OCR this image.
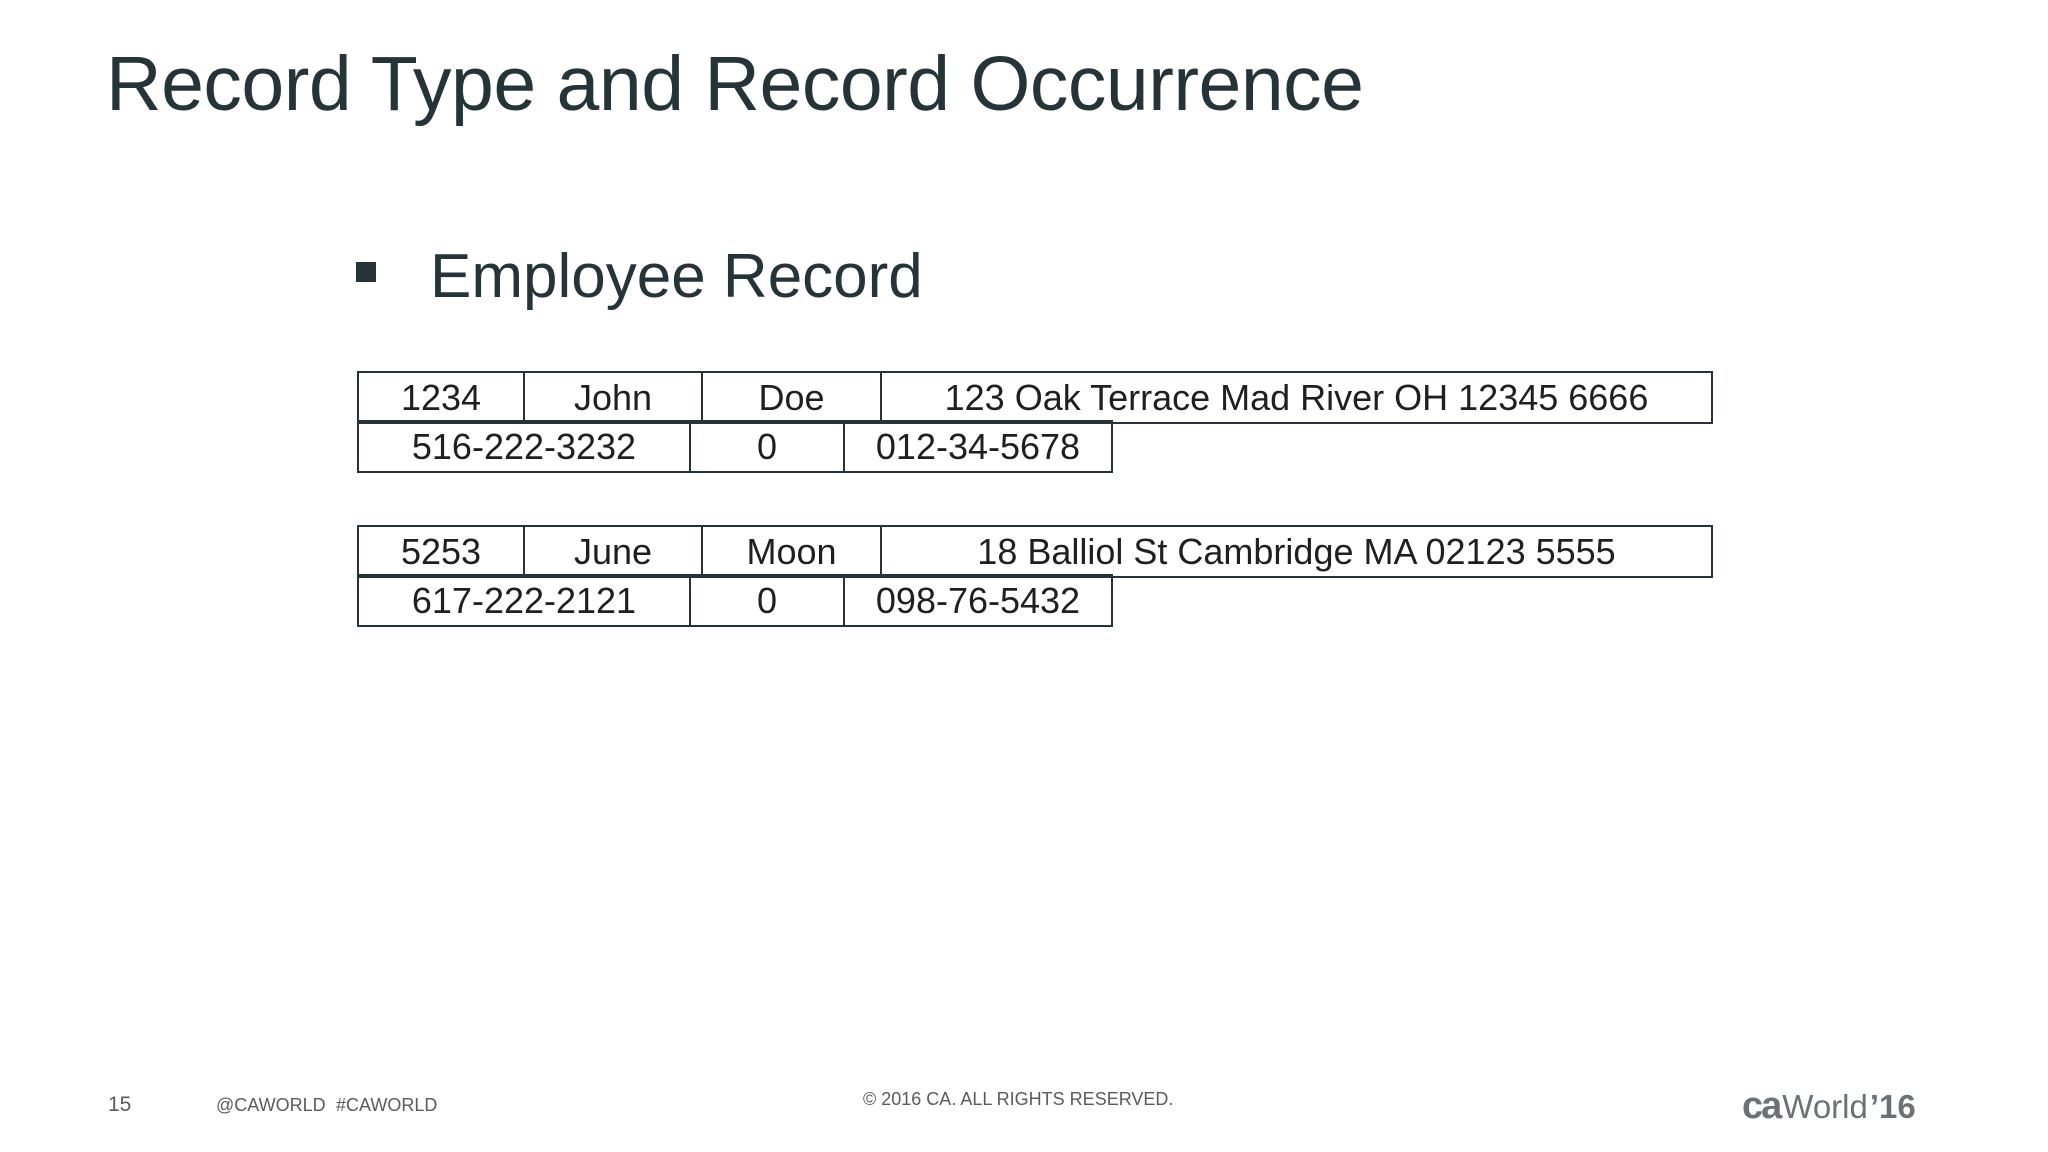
Record Type and Record Occurrence
Employee Record
1234	John	Doe	123 Oak Terrace Mad River OH 12345 6666
516-222-3232	0	012-34-5678
5253	June	Moon	18 Balliol St Cambridge MA 02123 5555
617-222-2121	0	098-76-5432
15	@CAWORLD #CAWORLD	© 2016 CA. ALL RIGHTS RESERVED.	ca World ’16
